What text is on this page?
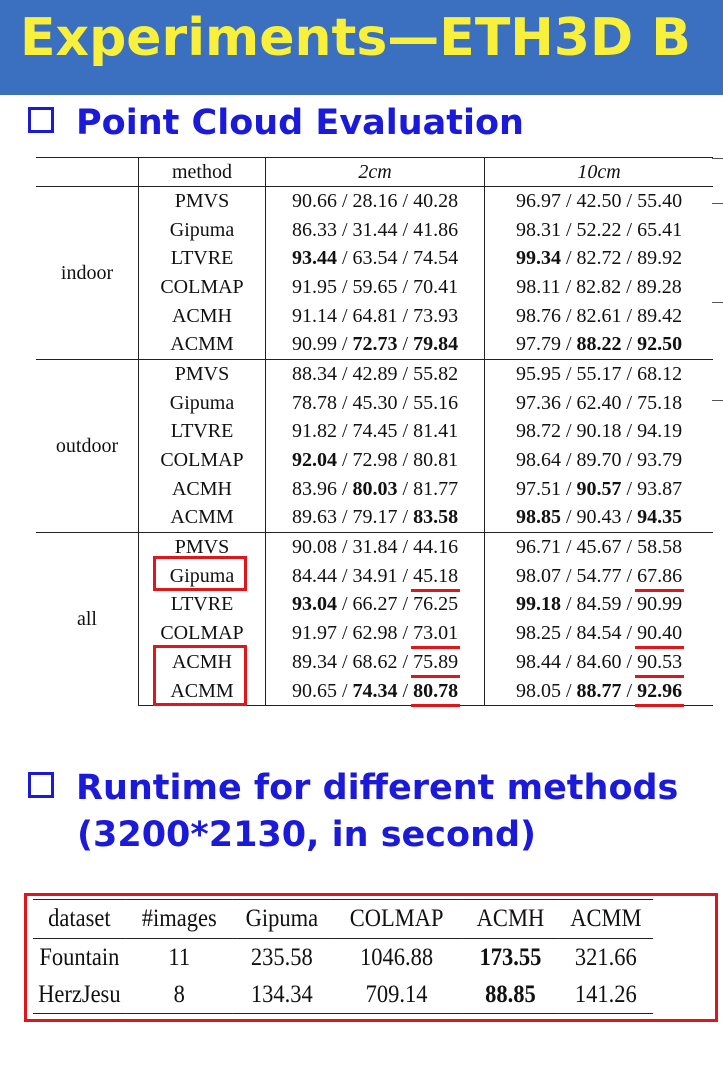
Experiments—ETH3D B
Point Cloud Evaluation
	method	2cm	10cm
indoor	PMVS	90.66 / 28.16 / 40.28	96.97 / 42.50 / 55.40
	Gipuma	86.33 / 31.44 / 41.86	98.31 / 52.22 / 65.41
	LTVRE	93.44 / 63.54 / 74.54	99.34 / 82.72 / 89.92
	COLMAP	91.95 / 59.65 / 70.41	98.11 / 82.82 / 89.28
	ACMH	91.14 / 64.81 / 73.93	98.76 / 82.61 / 89.42
	ACMM	90.99 / 72.73 / 79.84	97.79 / 88.22 / 92.50
outdoor	PMVS	88.34 / 42.89 / 55.82	95.95 / 55.17 / 68.12
	Gipuma	78.78 / 45.30 / 55.16	97.36 / 62.40 / 75.18
	LTVRE	91.82 / 74.45 / 81.41	98.72 / 90.18 / 94.19
	COLMAP	92.04 / 72.98 / 80.81	98.64 / 89.70 / 93.79
	ACMH	83.96 / 80.03 / 81.77	97.51 / 90.57 / 93.87
	ACMM	89.63 / 79.17 / 83.58	98.85 / 90.43 / 94.35
all	PMVS	90.08 / 31.84 / 44.16	96.71 / 45.67 / 58.58
	Gipuma	84.44 / 34.91 / 45.18	98.07 / 54.77 / 67.86
	LTVRE	93.04 / 66.27 / 76.25	99.18 / 84.59 / 90.99
	COLMAP	91.97 / 62.98 / 73.01	98.25 / 84.54 / 90.40
	ACMH	89.34 / 68.62 / 75.89	98.44 / 84.60 / 90.53
	ACMM	90.65 / 74.34 / 80.78	98.05 / 88.77 / 92.96
Runtime for different methods
(3200*2130, in second)
dataset	#images	Gipuma	COLMAP	ACMH	ACMM
Fountain	11	235.58	1046.88	173.55	321.66
HerzJesu	8	134.34	709.14	88.85	141.26
